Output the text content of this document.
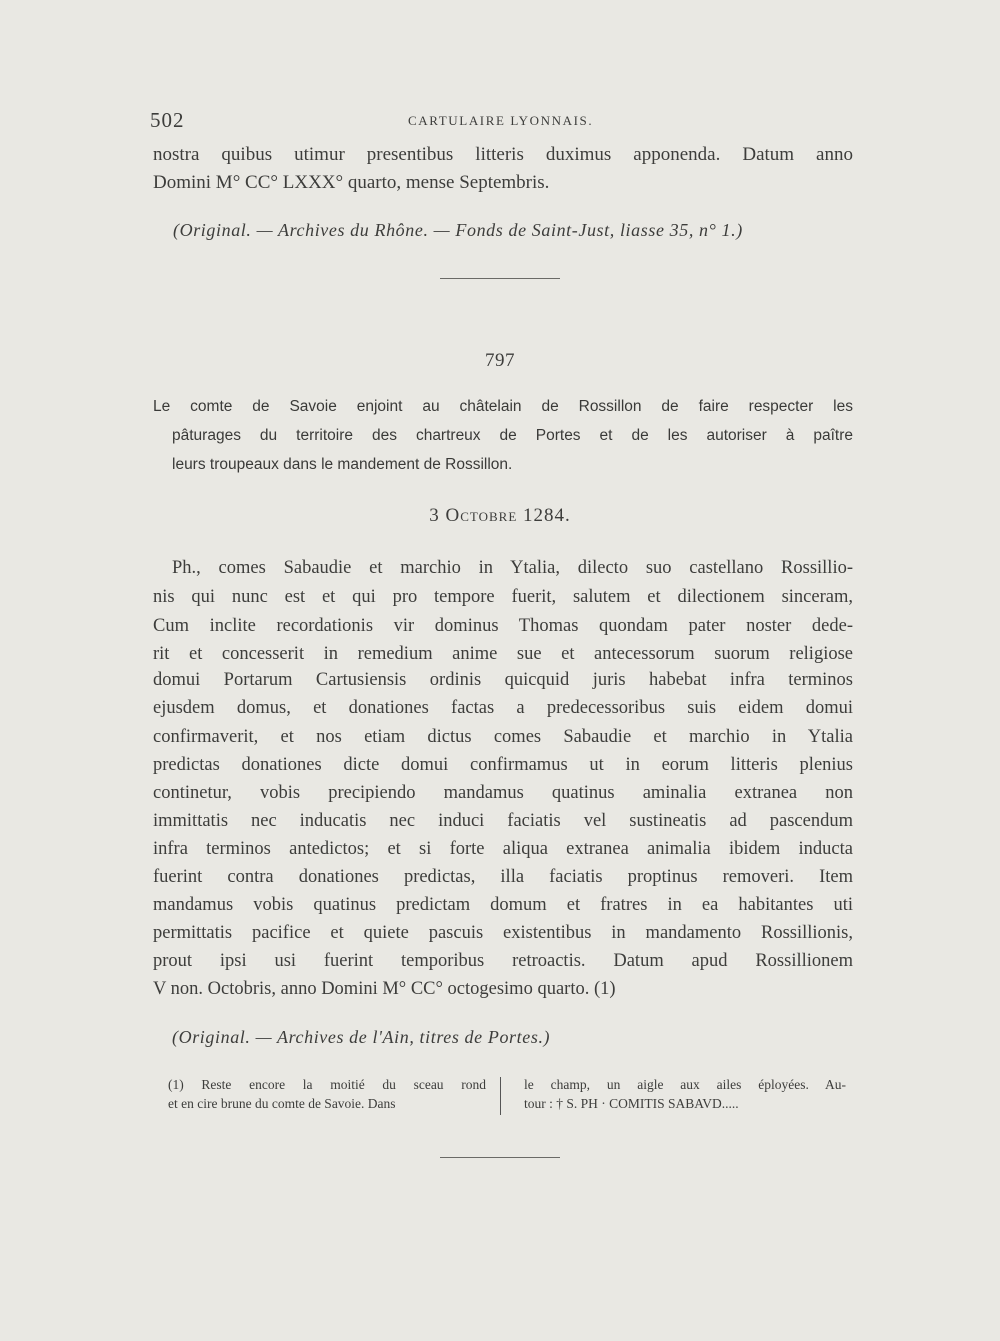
502	CARTULAIRE LYONNAIS.
nostra quibus utimur presentibus litteris duximus apponenda. Datum anno
Domini M° CC° LXXX° quarto, mense Septembris.
(Original. — Archives du Rhône. — Fonds de Saint-Just, liasse 35, n° 1.)
797
Le comte de Savoie enjoint au châtelain de Rossillon de faire respecter les
pâturages du territoire des chartreux de Portes et de les autoriser à paître
leurs troupeaux dans le mandement de Rossillon.
3 Octobre 1284.
Ph., comes Sabaudie et marchio in Ytalia, dilecto suo castellano Rossillio-
nis qui nunc est et qui pro tempore fuerit, salutem et dilectionem sinceram,
Cum inclite recordationis vir dominus Thomas quondam pater noster dede-
rit et concesserit in remedium anime sue et antecessorum suorum religiose
domui Portarum Cartusiensis ordinis quicquid juris habebat infra terminos
ejusdem domus, et donationes factas a predecessoribus suis eidem domui
confirmaverit, et nos etiam dictus comes Sabaudie et marchio in Ytalia
predictas donationes dicte domui confirmamus ut in eorum litteris plenius
continetur, vobis precipiendo mandamus quatinus aminalia extranea non
immittatis nec inducatis nec induci faciatis vel sustineatis ad pascendum
infra terminos antedictos; et si forte aliqua extranea animalia ibidem inducta
fuerint contra donationes predictas, illa faciatis proptinus removeri. Item
mandamus vobis quatinus predictam domum et fratres in ea habitantes uti
permittatis pacifice et quiete pascuis existentibus in mandamento Rossillionis,
prout ipsi usi fuerint temporibus retroactis. Datum apud Rossillionem
V non. Octobris, anno Domini M° CC° octogesimo quarto. (1)
(Original. — Archives de l'Ain, titres de Portes.)
(1) Reste encore la moitié du sceau rond
et en cire brune du comte de Savoie. Dans
le champ, un aigle aux ailes éployées. Au-
tour : † S. PH · COMITIS SABAVD.....
